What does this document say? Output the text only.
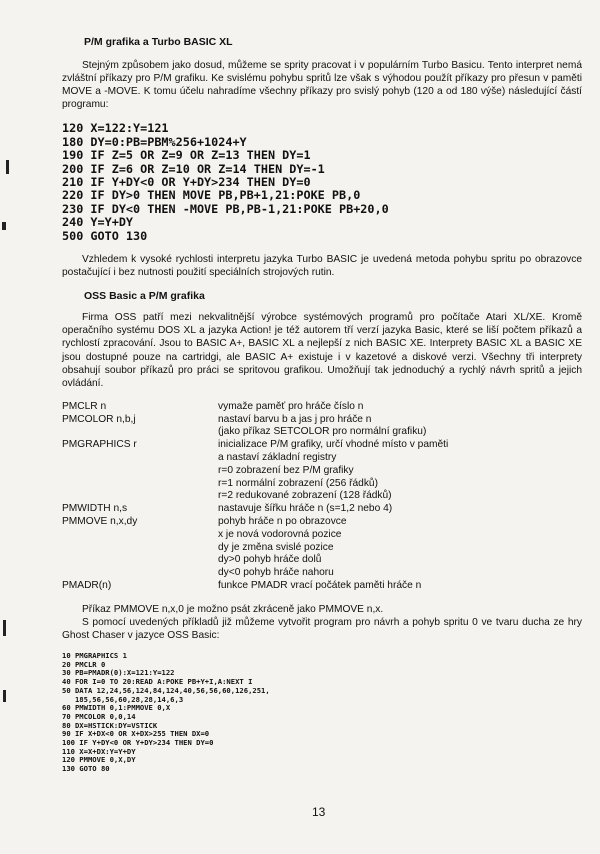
P/M grafika a Turbo BASIC XL

Stejným způsobem jako dosud, můžeme se sprity pracovat i v populárním Turbo Basicu. Tento interpret nemá zvláštní příkazy pro P/M grafiku. Ke svislému pohybu spritů lze však s výhodou použít příkazy pro přesun v paměti MOVE a -MOVE. K tomu účelu nahradíme všechny příkazy pro svislý pohyb (120 a od 180 výše) následující částí programu:

120 X=122:Y=121
180 DY=0:PB=PBM%256+1024+Y
190 IF Z=5 OR Z=9 OR Z=13 THEN DY=1
200 IF Z=6 OR Z=10 OR Z=14 THEN DY=-1
210 IF Y+DY<0 OR Y+DY>234 THEN DY=0
220 IF DY>0 THEN MOVE PB,PB+1,21:POKE PB,0
230 IF DY<0 THEN -MOVE PB,PB-1,21:POKE PB+20,0
240 Y=Y+DY
500 GOTO 130

Vzhledem k vysoké rychlosti interpretu jazyka Turbo BASIC je uvedená metoda pohybu spritu po obrazovce postačující i bez nutnosti použití speciálních strojových rutin.

OSS Basic a P/M grafika

Firma OSS patří mezi nekvalitnější výrobce systémových programů pro počítače Atari XL/XE. Kromě operačního systému DOS XL a jazyka Action! je též autorem tří verzí jazyka Basic, které se liší počtem příkazů a rychlostí zpracování. Jsou to BASIC A+, BASIC XL a nejlepší z nich BASIC XE. Interprety BASIC XL a BASIC XE jsou dostupné pouze na cartridgi, ale BASIC A+ existuje i v kazetové a diskové verzi. Všechny tři interprety obsahují soubor příkazů pro práci se spritovou grafikou. Umožňují tak jednoduchý a rychlý návrh spritů a jejich ovládání.

PMCLR n	vymaže paměť pro hráče číslo n
PMCOLOR n,b,j	nastaví barvu b a jas j pro hráče n
(jako příkaz SETCOLOR pro normální grafiku)
PMGRAPHICS r	inicializace P/M grafiky, určí vhodné místo v paměti
a nastaví základní registry
r=0 zobrazení bez P/M grafiky
r=1 normální zobrazení (256 řádků)
r=2 redukované zobrazení (128 řádků)
PMWIDTH n,s	nastavuje šířku hráče n (s=1,2 nebo 4)
PMMOVE n,x,dy	pohyb hráče n po obrazovce
x je nová vodorovná pozice
dy je změna svislé pozice
dy>0 pohyb hráče dolů
dy<0 pohyb hráče nahoru
PMADR(n)	funkce PMADR vrací počátek paměti hráče n

Příkaz PMMOVE n,x,0 je možno psát zkráceně jako PMMOVE n,x.

S pomocí uvedených příkladů již můžeme vytvořit program pro návrh a pohyb spritu 0 ve tvaru ducha ze hry Ghost Chaser v jazyce OSS Basic:

10 PMGRAPHICS 1
20 PMCLR 0
30 PB=PMADR(0):X=121:Y=122
40 FOR I=0 TO 20:READ A:POKE PB+Y+I,A:NEXT I
50 DATA 12,24,56,124,84,124,40,56,56,60,126,251,
185,56,56,60,28,28,14,6,3
60 PMWIDTH 0,1:PMMOVE 0,X
70 PMCOLOR 0,0,14
80 DX=HSTICK:DY=VSTICK
90 IF X+DX<0 OR X+DX>255 THEN DX=0
100 IF Y+DY<0 OR Y+DY>234 THEN DY=0
110 X=X+DX:Y=Y+DY
120 PMMOVE 0,X,DY
130 GOTO 80
13
